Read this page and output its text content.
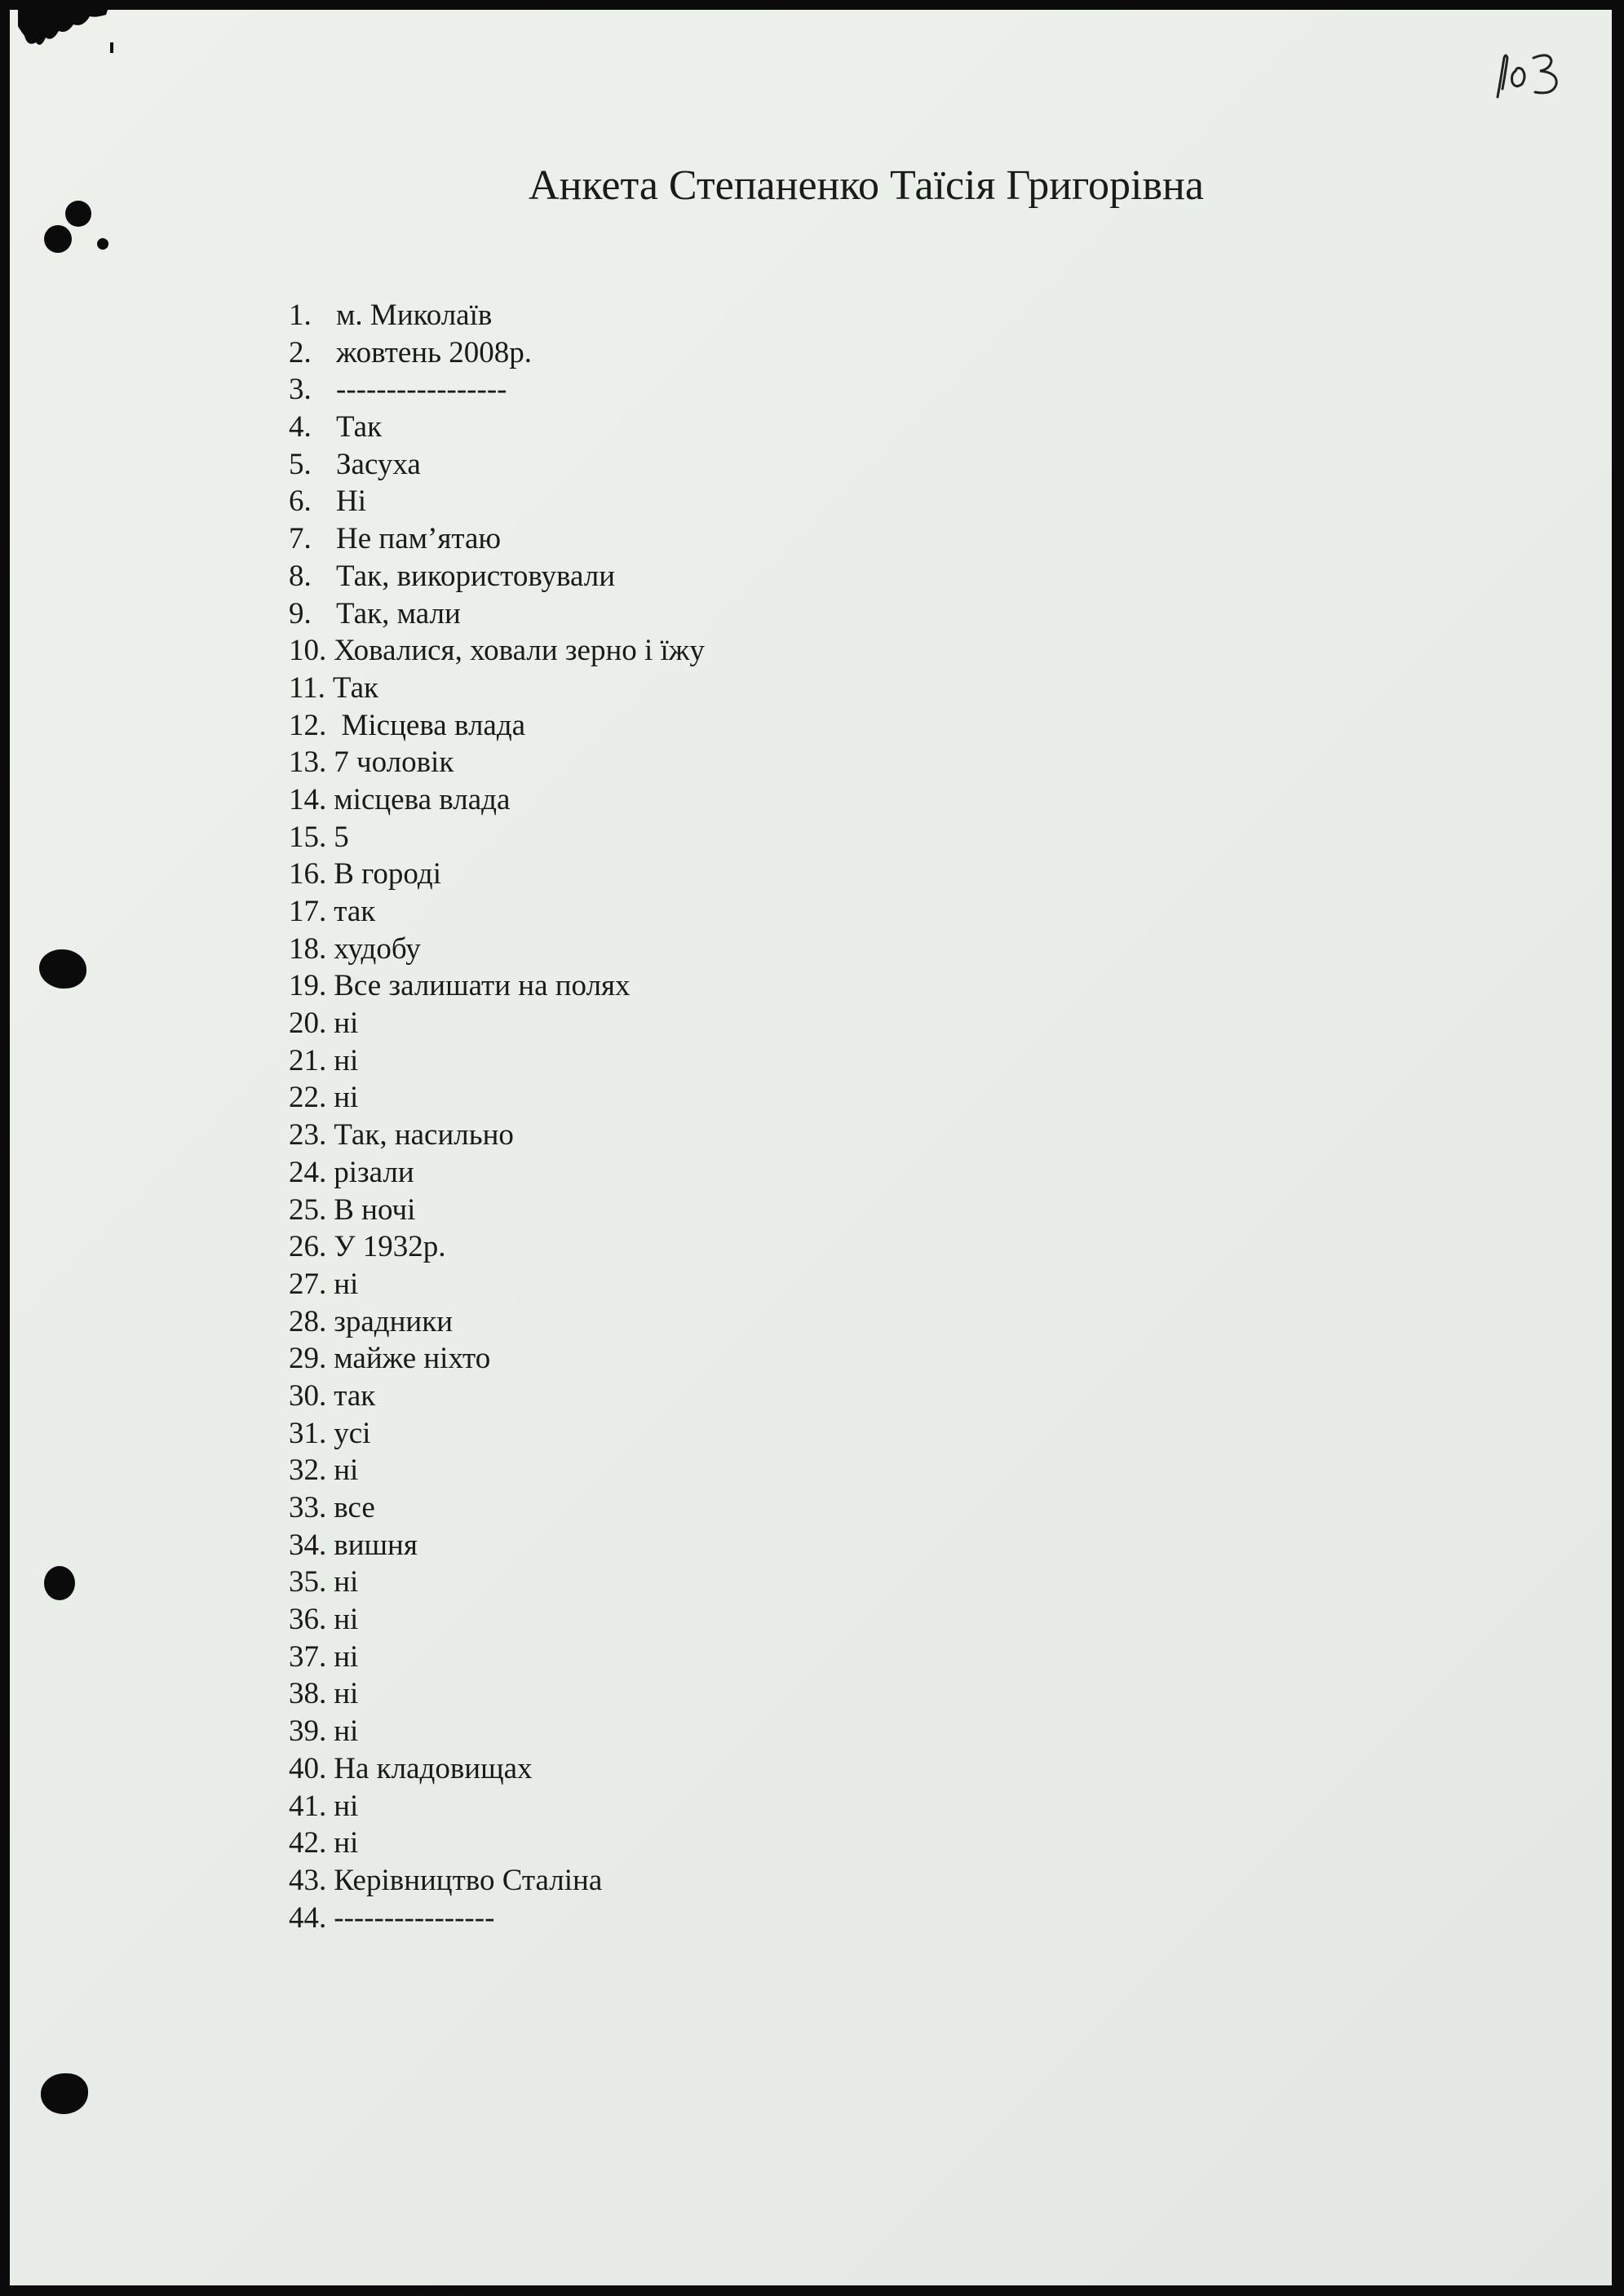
Анкета Степаненко Таїсія Григорівна
1. м. Миколаїв
2. жовтень 2008р.
3. -----------------
4. Так
5. Засуха
6. Ні
7. Не пам’ятаю
8. Так, використовували
9. Так, мали
10. Ховалися, ховали зерно і їжу
11. Так
12. Місцева влада
13. 7 чоловік
14. місцева влада
15. 5
16. В городі
17. так
18. худобу
19. Все залишати на полях
20. ні
21. ні
22. ні
23. Так, насильно
24. різали
25. В ночі
26. У 1932р.
27. ні
28. зрадники
29. майже ніхто
30. так
31. усі
32. ні
33. все
34. вишня
35. ні
36. ні
37. ні
38. ні
39. ні
40. На кладовищах
41. ні
42. ні
43. Керівництво Сталіна
44. ----------------
